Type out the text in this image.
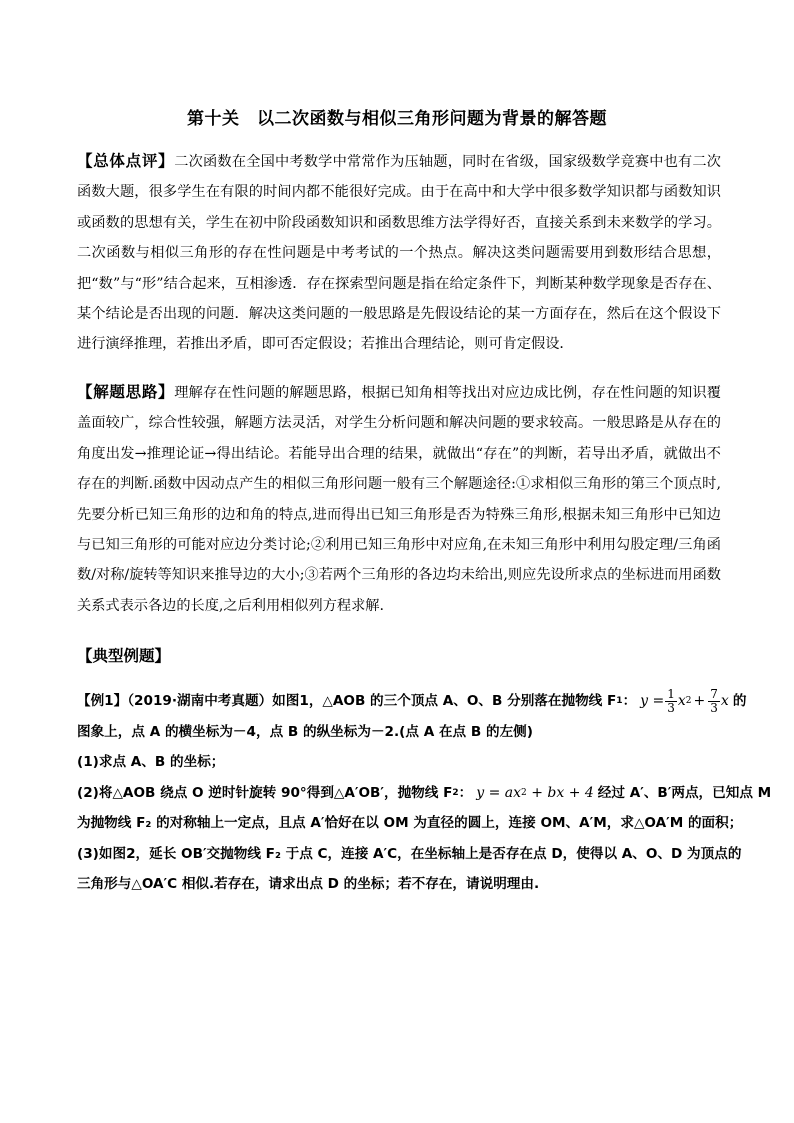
第十关　以二次函数与相似三角形问题为背景的解答题
【总体点评】二次函数在全国中考数学中常常作为压轴题，同时在省级，国家级数学竞赛中也有二次函数大题，很多学生在有限的时间内都不能很好完成。由于在高中和大学中很多数学知识都与函数知识或函数的思想有关，学生在初中阶段函数知识和函数思维方法学得好否，直接关系到未来数学的学习。二次函数与相似三角形的存在性问题是中考考试的一个热点。解决这类问题需要用到数形结合思想，把“数”与“形”结合起来，互相渗透．存在探索型问题是指在给定条件下，判断某种数学现象是否存在、某个结论是否出现的问题．解决这类问题的一般思路是先假设结论的某一方面存在，然后在这个假设下进行演绎推理，若推出矛盾，即可否定假设；若推出合理结论，则可肯定假设．
【解题思路】理解存在性问题的解题思路，根据已知角相等找出对应边成比例，存在性问题的知识覆盖面较广，综合性较强，解题方法灵活，对学生分析问题和解决问题的要求较高。一般思路是从存在的角度出发→推理论证→得出结论。若能导出合理的结果，就做出“存在”的判断，若导出矛盾，就做出不存在的判断.函数中因动点产生的相似三角形问题一般有三个解题途径:①求相似三角形的第三个顶点时,先要分析已知三角形的边和角的特点,进而得出已知三角形是否为特殊三角形,根据未知三角形中已知边与已知三角形的可能对应边分类讨论;②利用已知三角形中对应角,在未知三角形中利用勾股定理/三角函数/对称/旋转等知识来推导边的大小;③若两个三角形的各边均未给出,则应先设所求点的坐标进而用函数关系式表示各边的长度,之后利用相似列方程求解.
【典型例题】
【例1】（2019·湖南中考真题）如图1，△AOB 的三个顶点 A、O、B 分别落在抛物线 F 1 ： $y = \frac{1}{3}$ x $2 + \frac{7}{3}$ x 的
图象上，点 A 的横坐标为－4，点 B 的纵坐标为－2.(点 A 在点 B 的左侧)
(1)求点 A、B 的坐标；
(2)将△AOB 绕点 O 逆时针旋转 90°得到△A′OB′，抛物线 F 2 ： y = ax 2 + bx + 4 经过 A′、B′两点，已知点 M
为抛物线 F₂ 的对称轴上一定点，且点 A′恰好在以 OM 为直径的圆上，连接 OM、A′M，求△OA′M 的面积；
(3)如图2，延长 OB′交抛物线 F₂ 于点 C，连接 A′C，在坐标轴上是否存在点 D，使得以 A、O、D 为顶点的
三角形与△OA′C 相似.若存在，请求出点 D 的坐标；若不存在，请说明理由.
